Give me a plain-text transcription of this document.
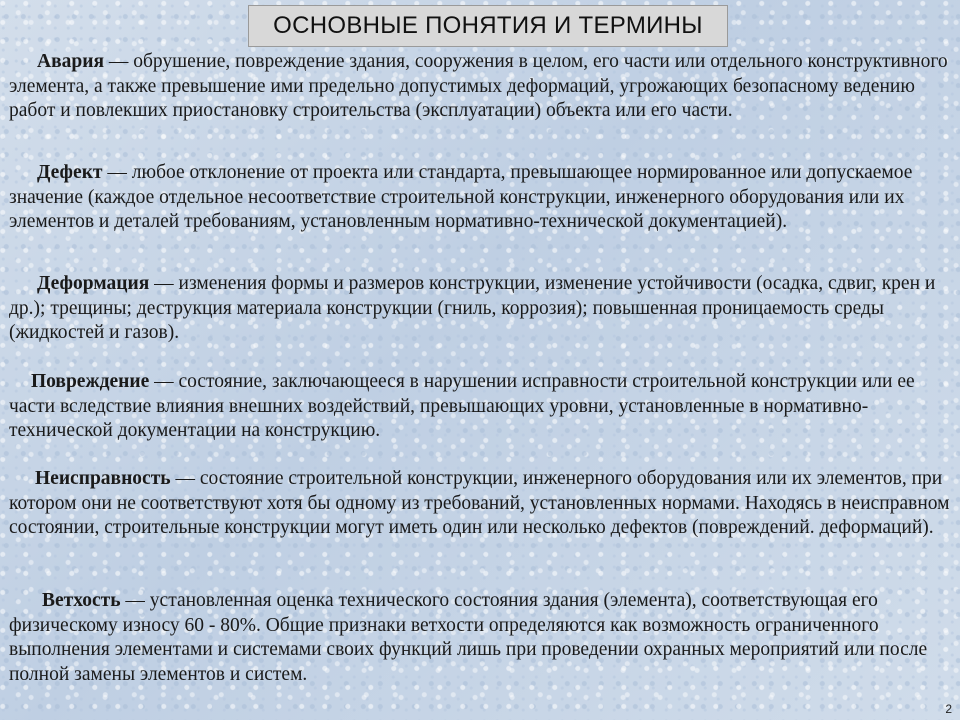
ОСНОВНЫЕ ПОНЯТИЯ И ТЕРМИНЫ

Авария — обрушение, повреждение здания, сооружения в целом, его части или отдельного конструктивного элемента, а также превышение ими предельно допустимых деформаций, угрожающих безопасному ведению работ и повлекших приостановку строительства (эксплуатации) объекта или его части.

Дефект — любое отклонение от проекта или стандарта, превышающее нормированное или допускаемое значение (каждое отдельное несоответствие строительной конструкции, инженерного оборудования или их элементов и деталей требованиям, установленным нормативно-технической документацией).

Деформация — изменения формы и размеров конструкции, изменение устойчивости (осадка, сдвиг, крен и др.); трещины; деструкция материала конструкции (гниль, коррозия); повышенная проницаемость среды (жидкостей и газов).

Повреждение — состояние, заключающееся в нарушении исправности строительной конструкции или ее части вследствие влияния внешних воздействий, превышающих уровни, установленные в нормативно-технической документации на конструкцию.

Неисправность — состояние строительной конструкции, инженерного оборудования или их элементов, при котором они не соответствуют хотя бы одному из требований, установленных нормами. Находясь в неисправном состоянии, строительные конструкции могут иметь один или несколько дефектов (повреждений. деформаций).

Ветхость — установленная оценка технического состояния здания (элемента), соответствующая его физическому износу 60 - 80%. Общие признаки ветхости определяются как возможность ограниченного выполнения элементами и системами своих функций лишь при проведении охранных мероприятий или после полной замены элементов и систем.

2
